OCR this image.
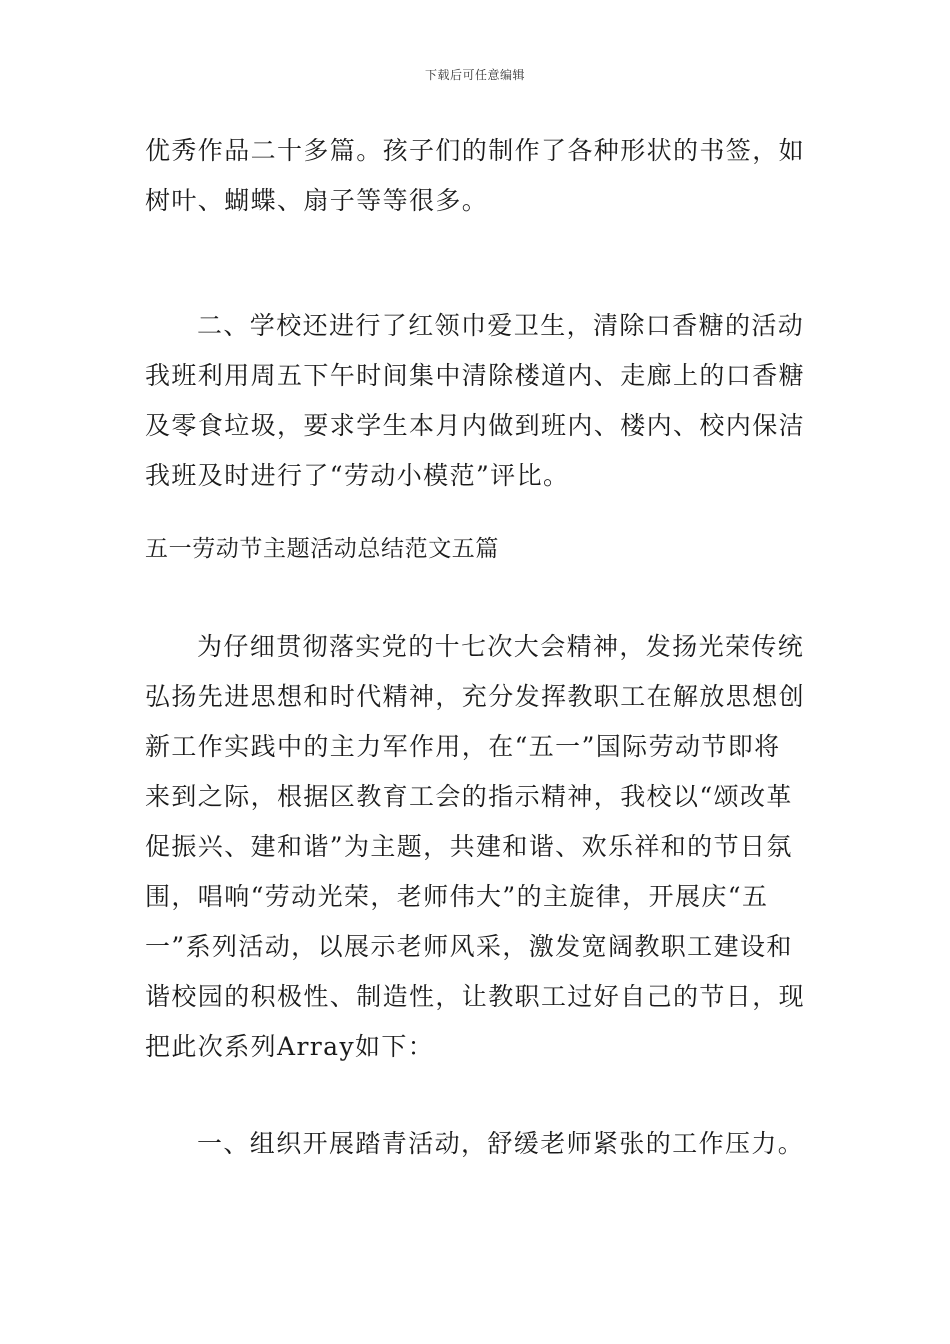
下载后可任意编辑
优秀作品二十多篇。孩子们的制作了各种形状的书签，如
树叶、蝴蝶、扇子等等很多。
二、学校还进行了红领巾爱卫生，清除口香糖的活动
我班利用周五下午时间集中清除楼道内、走廊上的口香糖
及零食垃圾，要求学生本月内做到班内、楼内、校内保洁
我班及时进行了“劳动小模范”评比。
五一劳动节主题活动总结范文五篇
为仔细贯彻落实党的十七次大会精神，发扬光荣传统
弘扬先进思想和时代精神，充分发挥教职工在解放思想创
新工作实践中的主力军作用，在“五一”国际劳动节即将
来到之际，根据区教育工会的指示精神，我校以“颂改革
促振兴、建和谐”为主题，共建和谐、欢乐祥和的节日氛
围，唱响“劳动光荣，老师伟大”的主旋律，开展庆“五
一”系列活动，以展示老师风采，激发宽阔教职工建设和
谐校园的积极性、制造性，让教职工过好自己的节日，现
把此次系列Array如下：
一、组织开展踏青活动，舒缓老师紧张的工作压力。
